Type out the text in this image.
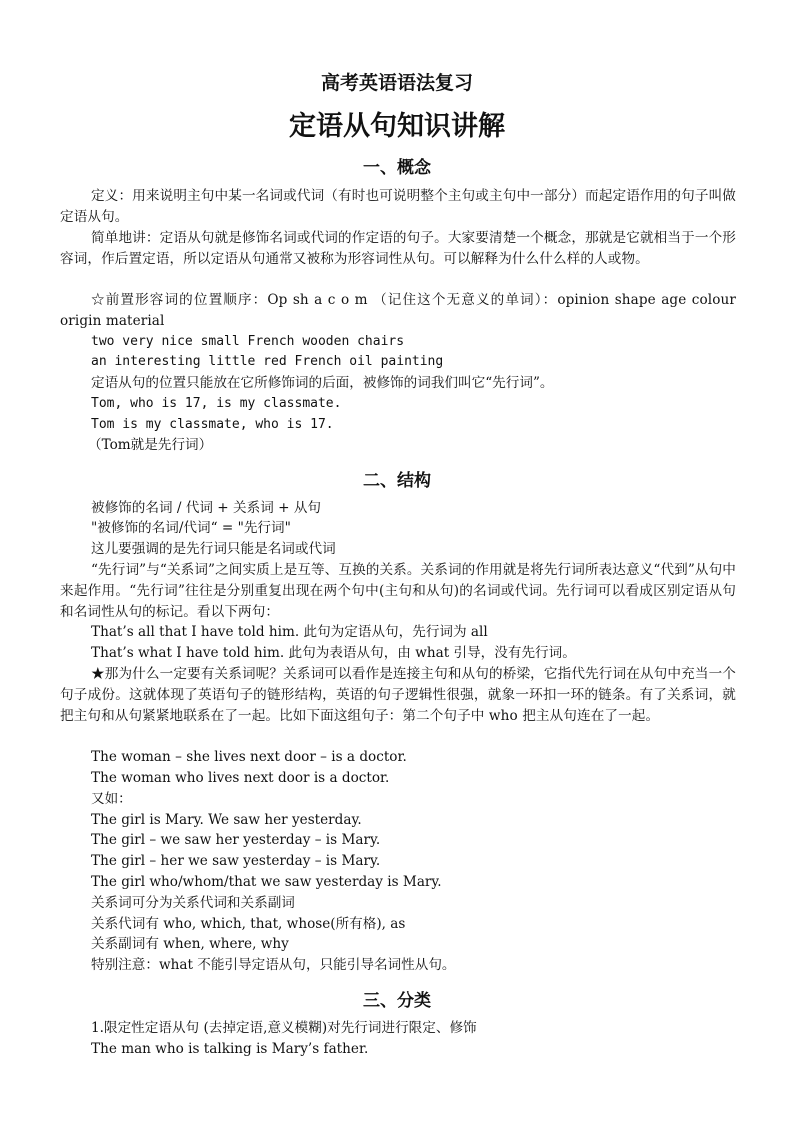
高考英语语法复习
定语从句知识讲解
一、概念
定义：用来说明主句中某一名词或代词（有时也可说明整个主句或主句中一部分）而起定语作用的句子叫做定语从句。
简单地讲：定语从句就是修饰名词或代词的作定语的句子。大家要清楚一个概念，那就是它就相当于一个形容词，作后置定语，所以定语从句通常又被称为形容词性从句。可以解释为什么什么样的人或物。
☆前置形容词的位置顺序：Op sh a c o m （记住这个无意义的单词）：opinion shape age colour origin material
two very nice small French wooden chairs
an interesting little red French oil painting
定语从句的位置只能放在它所修饰词的后面，被修饰的词我们叫它“先行词”。
Tom, who is 17, is my classmate.
Tom is my classmate, who is 17.
（Tom就是先行词）
二、结构
被修饰的名词 / 代词 + 关系词 + 从句
"被修饰的名词/代词“ = "先行词"
这儿要强调的是先行词只能是名词或代词
“先行词”与“关系词”之间实质上是互等、互换的关系。关系词的作用就是将先行词所表达意义“代到”从句中来起作用。“先行词”往往是分别重复出现在两个句中(主句和从句)的名词或代词。先行词可以看成区别定语从句和名词性从句的标记。看以下两句：
That’s all that I have told him. 此句为定语从句，先行词为 all
That’s what I have told him. 此句为表语从句，由 what 引导，没有先行词。
★那为什么一定要有关系词呢？关系词可以看作是连接主句和从句的桥梁，它指代先行词在从句中充当一个句子成份。这就体现了英语句子的链形结构，英语的句子逻辑性很强，就象一环扣一环的链条。有了关系词，就把主句和从句紧紧地联系在了一起。比如下面这组句子：第二个句子中 who 把主从句连在了一起。
The woman – she lives next door – is a doctor.
The woman who lives next door is a doctor.
又如：
The girl is Mary. We saw her yesterday.
The girl – we saw her yesterday – is Mary.
The girl – her we saw yesterday – is Mary.
The girl who/whom/that we saw yesterday is Mary.
关系词可分为关系代词和关系副词
关系代词有 who, which, that, whose(所有格), as
关系副词有 when, where, why
特别注意：what 不能引导定语从句，只能引导名词性从句。
三、分类
1.限定性定语从句 (去掉定语,意义模糊)对先行词进行限定、修饰
The man who is talking is Mary’s father.
